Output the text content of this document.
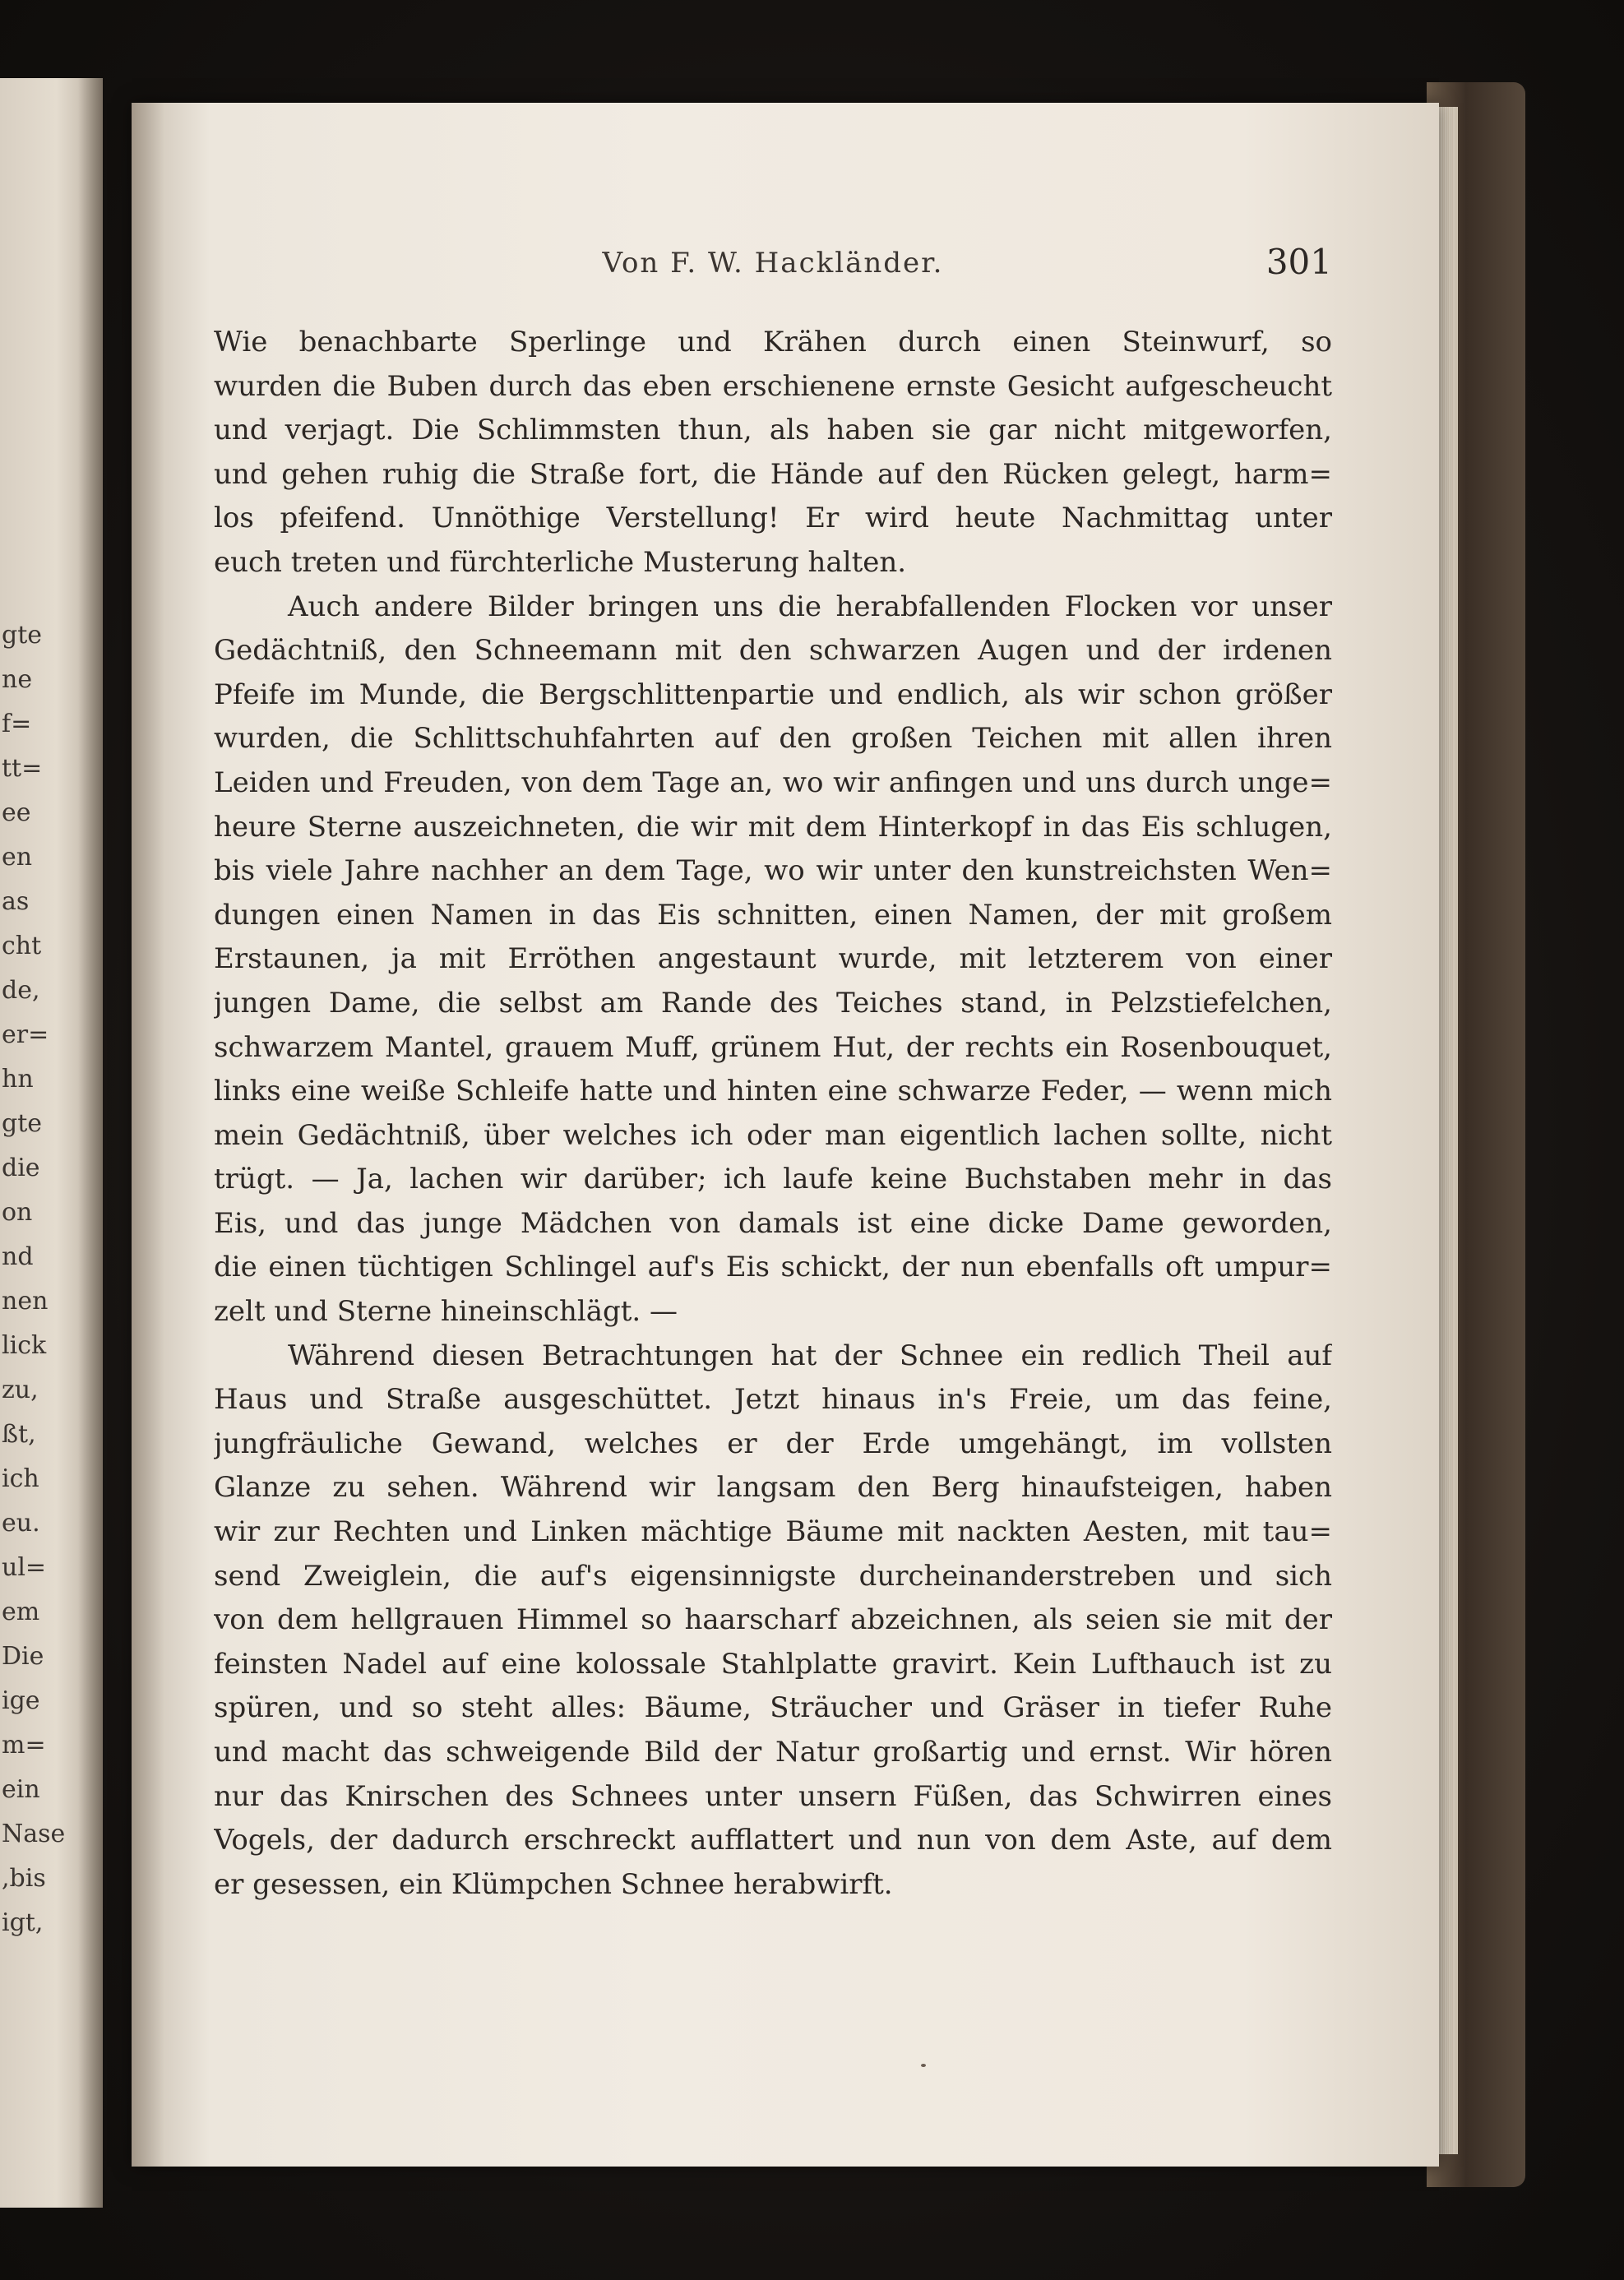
gte
ne
f=
tt=
ee
en
as
cht
de,
er=
hn
gte
die
on
nd
nen
lick
zu,
ßt,
ich
eu.
ul=
em
Die
ige
m=
ein
Nase
,bis
igt,
Von F. W. Hackländer.	301
Wie benachbarte Sperlinge und Krähen durch einen Steinwurf, so
wurden die Buben durch das eben erschienene ernste Gesicht aufgescheucht
und verjagt. Die Schlimmsten thun, als haben sie gar nicht mitgeworfen,
und gehen ruhig die Straße fort, die Hände auf den Rücken gelegt, harm=
los pfeifend. Unnöthige Verstellung! Er wird heute Nachmittag unter
euch treten und fürchterliche Musterung halten.
Auch andere Bilder bringen uns die herabfallenden Flocken vor unser
Gedächtniß, den Schneemann mit den schwarzen Augen und der irdenen
Pfeife im Munde, die Bergschlittenpartie und endlich, als wir schon größer
wurden, die Schlittschuhfahrten auf den großen Teichen mit allen ihren
Leiden und Freuden, von dem Tage an, wo wir anfingen und uns durch unge=
heure Sterne auszeichneten, die wir mit dem Hinterkopf in das Eis schlugen,
bis viele Jahre nachher an dem Tage, wo wir unter den kunstreichsten Wen=
dungen einen Namen in das Eis schnitten, einen Namen, der mit großem
Erstaunen, ja mit Erröthen angestaunt wurde, mit letzterem von einer
jungen Dame, die selbst am Rande des Teiches stand, in Pelzstiefelchen,
schwarzem Mantel, grauem Muff, grünem Hut, der rechts ein Rosenbouquet,
links eine weiße Schleife hatte und hinten eine schwarze Feder, — wenn mich
mein Gedächtniß, über welches ich oder man eigentlich lachen sollte, nicht
trügt. — Ja, lachen wir darüber; ich laufe keine Buchstaben mehr in das
Eis, und das junge Mädchen von damals ist eine dicke Dame geworden,
die einen tüchtigen Schlingel auf's Eis schickt, der nun ebenfalls oft umpur=
zelt und Sterne hineinschlägt. —
Während diesen Betrachtungen hat der Schnee ein redlich Theil auf
Haus und Straße ausgeschüttet. Jetzt hinaus in's Freie, um das feine,
jungfräuliche Gewand, welches er der Erde umgehängt, im vollsten
Glanze zu sehen. Während wir langsam den Berg hinaufsteigen, haben
wir zur Rechten und Linken mächtige Bäume mit nackten Aesten, mit tau=
send Zweiglein, die auf's eigensinnigste durcheinanderstreben und sich
von dem hellgrauen Himmel so haarscharf abzeichnen, als seien sie mit der
feinsten Nadel auf eine kolossale Stahlplatte gravirt. Kein Lufthauch ist zu
spüren, und so steht alles: Bäume, Sträucher und Gräser in tiefer Ruhe
und macht das schweigende Bild der Natur großartig und ernst. Wir hören
nur das Knirschen des Schnees unter unsern Füßen, das Schwirren eines
Vogels, der dadurch erschreckt aufflattert und nun von dem Aste, auf dem
er gesessen, ein Klümpchen Schnee herabwirft.
